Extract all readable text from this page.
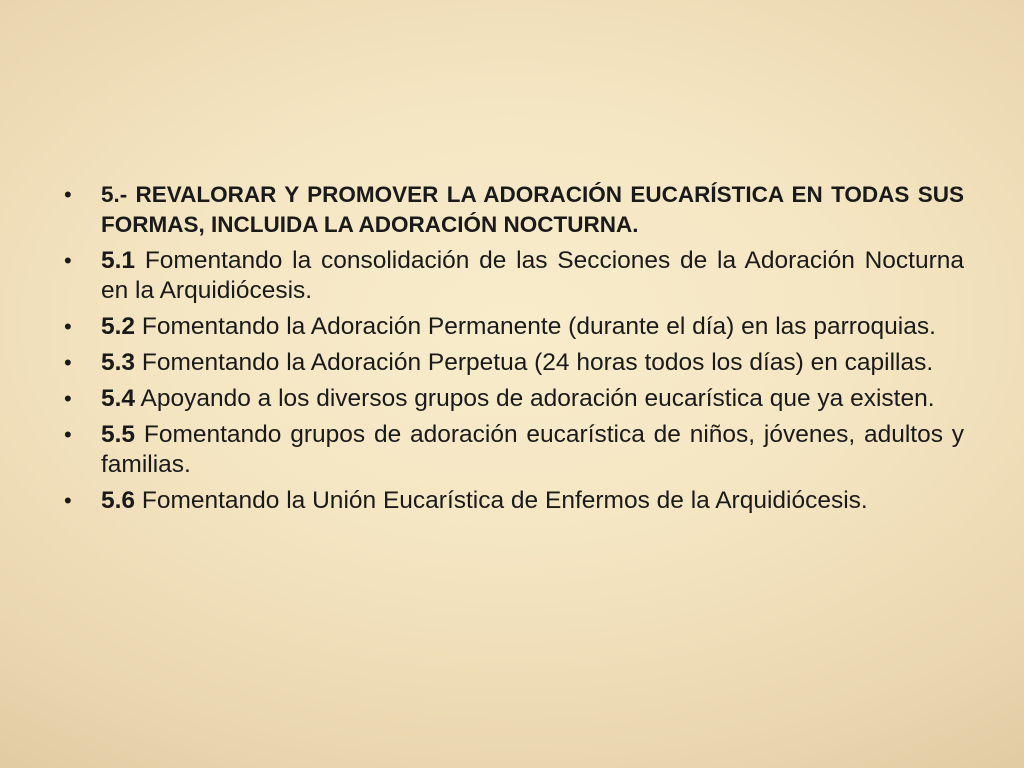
•	5.- REVALORAR Y PROMOVER LA ADORACIÓN EUCARÍSTICA EN TODAS SUS FORMAS, INCLUIDA LA ADORACIÓN NOCTURNA.
•	5.1 Fomentando la consolidación de las Secciones de la Adoración Nocturna en la Arquidiócesis.
•	5.2 Fomentando la Adoración Permanente (durante el día) en las parroquias.
•	5.3 Fomentando la Adoración Perpetua (24 horas todos los días) en capillas.
•	5.4 Apoyando a los diversos grupos de adoración eucarística que ya existen.
•	5.5 Fomentando grupos de adoración eucarística de niños, jóvenes, adultos y familias.
•	5.6 Fomentando la Unión Eucarística de Enfermos de la Arquidiócesis.
